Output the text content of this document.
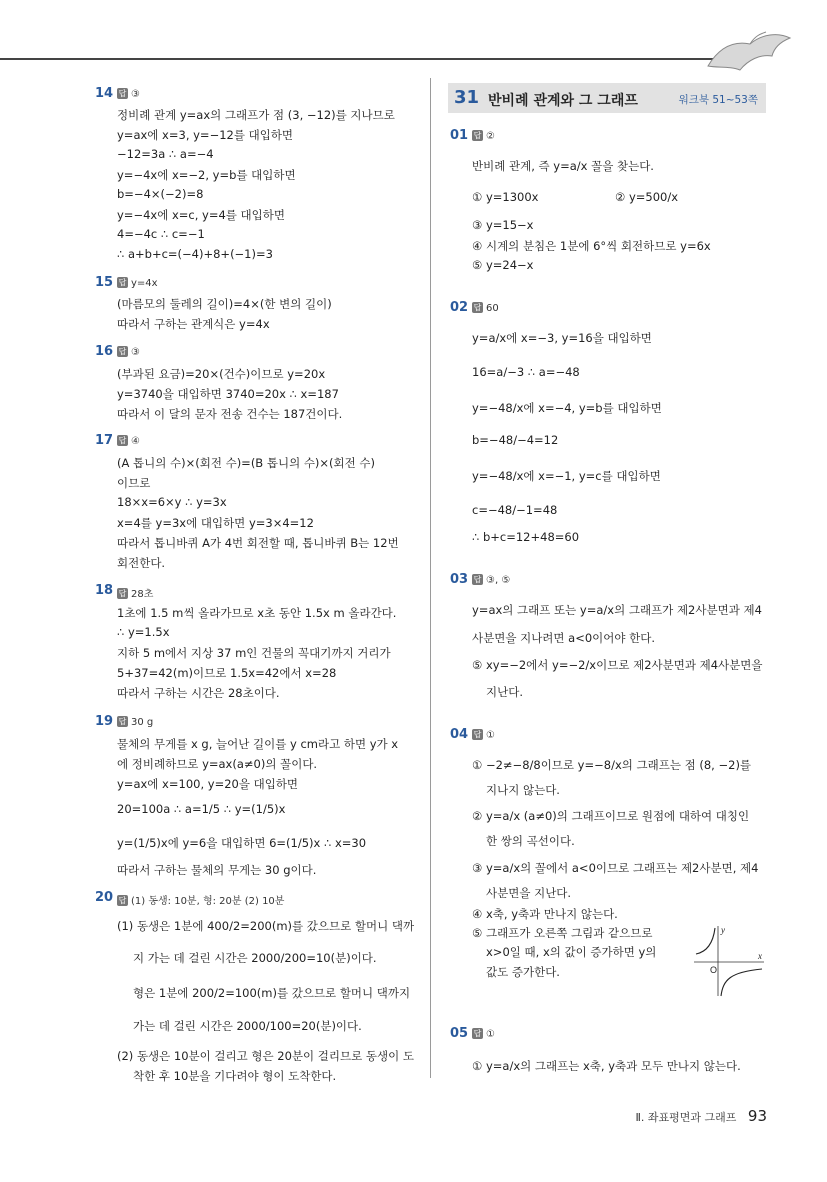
31 반비례 관계와 그 그래프	워크북 51~53쪽
14 답 ③
정비례 관계 y=ax의 그래프가 점 (3, −12)를 지나므로
y=ax에 x=3, y=−12를 대입하면
−12=3a ∴ a=−4
y=−4x에 x=−2, y=b를 대입하면
b=−4×(−2)=8
y=−4x에 x=c, y=4를 대입하면
4=−4c ∴ c=−1
∴ a+b+c=(−4)+8+(−1)=3
15 답 y=4x
(마름모의 둘레의 길이)=4×(한 변의 길이)
따라서 구하는 관계식은 y=4x
16 답 ③
(부과된 요금)=20×(건수)이므로 y=20x
y=3740을 대입하면 3740=20x ∴ x=187
따라서 이 달의 문자 전송 건수는 187건이다.
17 답 ④
(A 톱니의 수)×(회전 수)=(B 톱니의 수)×(회전 수)
이므로
18×x=6×y ∴ y=3x
x=4를 y=3x에 대입하면 y=3×4=12
따라서 톱니바퀴 A가 4번 회전할 때, 톱니바퀴 B는 12번
회전한다.
18 답 28초
1초에 1.5 m씩 올라가므로 x초 동안 1.5x m 올라간다.
∴ y=1.5x
지하 5 m에서 지상 37 m인 건물의 꼭대기까지 거리가
5+37=42(m)이므로 1.5x=42에서 x=28
따라서 구하는 시간은 28초이다.
19 답 30 g
물체의 무게를 x g, 늘어난 길이를 y cm라고 하면 y가 x
에 정비례하므로 y=ax(a≠0)의 꼴이다.
y=ax에 x=100, y=20을 대입하면
20=100a ∴ a=1/5 ∴ y=(1/5)x
y=(1/5)x에 y=6을 대입하면 6=(1/5)x ∴ x=30
따라서 구하는 물체의 무게는 30 g이다.
20 답 (1) 동생: 10분, 형: 20분 (2) 10분
(1) 동생은 1분에 400/2=200(m)를 갔으므로 할머니 댁까
지 가는 데 걸린 시간은 2000/200=10(분)이다.
형은 1분에 200/2=100(m)를 갔으므로 할머니 댁까지
가는 데 걸린 시간은 2000/100=20(분)이다.
(2) 동생은 10분이 걸리고 형은 20분이 걸리므로 동생이 도
착한 후 10분을 기다려야 형이 도착한다.
01 답 ②
반비례 관계, 즉 y=a/x 꼴을 찾는다.
① y=1300x	② y=500/x
③ y=15−x
④ 시계의 분침은 1분에 6°씩 회전하므로 y=6x
⑤ y=24−x
02 답 60
y=a/x에 x=−3, y=16을 대입하면
16=a/−3 ∴ a=−48
y=−48/x에 x=−4, y=b를 대입하면
b=−48/−4=12
y=−48/x에 x=−1, y=c를 대입하면
c=−48/−1=48
∴ b+c=12+48=60
03 답 ③, ⑤
y=ax의 그래프 또는 y=a/x의 그래프가 제2사분면과 제4
사분면을 지나려면 a<0이어야 한다.
⑤ xy=−2에서 y=−2/x이므로 제2사분면과 제4사분면을
지난다.
04 답 ①
① −2≠−8/8이므로 y=−8/x의 그래프는 점 (8, −2)를
지나지 않는다.
② y=a/x (a≠0)의 그래프이므로 원점에 대하여 대칭인
한 쌍의 곡선이다.
③ y=a/x의 꼴에서 a<0이므로 그래프는 제2사분면, 제4
사분면을 지난다.
④ x축, y축과 만나지 않는다.
⑤ 그래프가 오른쪽 그림과 같으므로
x>0일 때, x의 값이 증가하면 y의
값도 증가한다.
y
x
O
05 답 ①
① y=a/x의 그래프는 x축, y축과 모두 만나지 않는다.
Ⅱ. 좌표평면과 그래프 93
